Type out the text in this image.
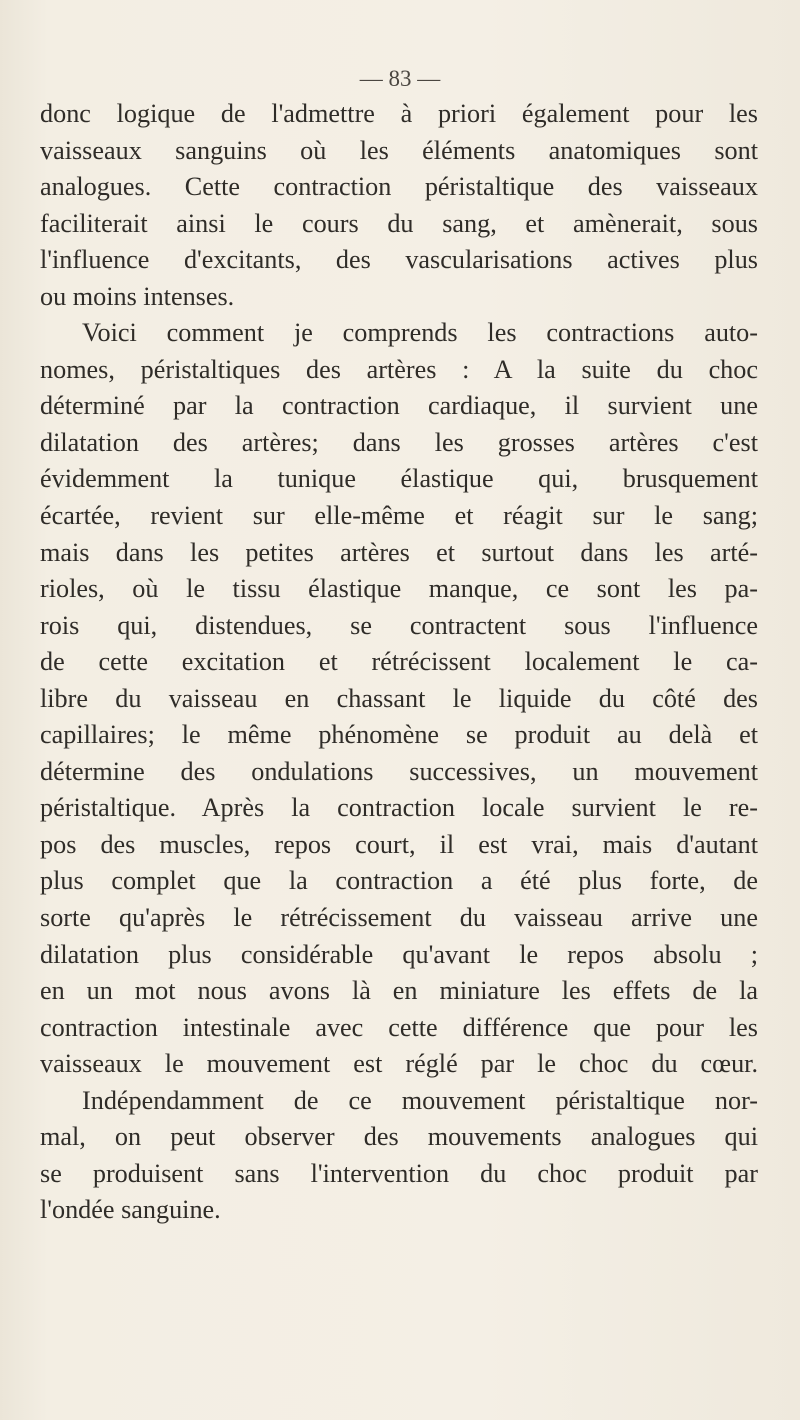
— 83 —
donc logique de l'admettre à priori également pour les
vaisseaux sanguins où les éléments anatomiques sont
analogues. Cette contraction péristaltique des vaisseaux
faciliterait ainsi le cours du sang, et amènerait, sous
l'influence d'excitants, des vascularisations actives plus
ou moins intenses.
Voici comment je comprends les contractions auto-
nomes, péristaltiques des artères : A la suite du choc
déterminé par la contraction cardiaque, il survient une
dilatation des artères; dans les grosses artères c'est
évidemment la tunique élastique qui, brusquement
écartée, revient sur elle-même et réagit sur le sang;
mais dans les petites artères et surtout dans les arté-
rioles, où le tissu élastique manque, ce sont les pa-
rois qui, distendues, se contractent sous l'influence
de cette excitation et rétrécissent localement le ca-
libre du vaisseau en chassant le liquide du côté des
capillaires; le même phénomène se produit au delà et
détermine des ondulations successives, un mouvement
péristaltique. Après la contraction locale survient le re-
pos des muscles, repos court, il est vrai, mais d'autant
plus complet que la contraction a été plus forte, de
sorte qu'après le rétrécissement du vaisseau arrive une
dilatation plus considérable qu'avant le repos absolu ;
en un mot nous avons là en miniature les effets de la
contraction intestinale avec cette différence que pour les
vaisseaux le mouvement est réglé par le choc du cœur.
Indépendamment de ce mouvement péristaltique nor-
mal, on peut observer des mouvements analogues qui
se produisent sans l'intervention du choc produit par
l'ondée sanguine.
